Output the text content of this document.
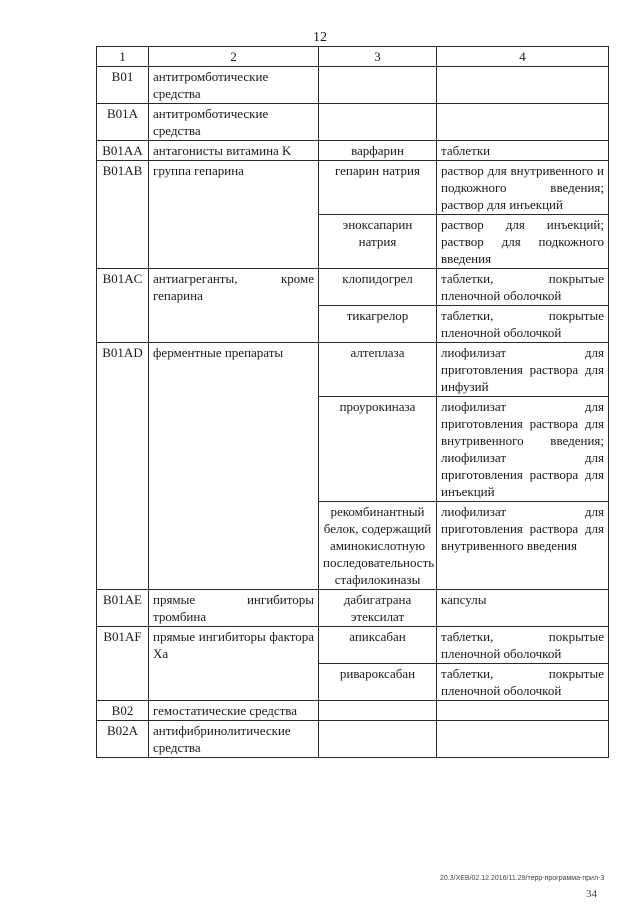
12
1	2	3	4
B01	антитромботические средства		
B01A	антитромботические средства		
B01AA	антагонисты витамина K	варфарин	таблетки
B01AB	группа гепарина	гепарин натрия	раствор для внутривенного и подкожного введения; раствор для инъекций
		эноксапарин натрия	раствор для инъекций; раствор для подкожного введения
B01AC	антиагреганты, кроме гепарина	клопидогрел	таблетки, покрытые пленочной оболочкой
		тикагрелор	таблетки, покрытые пленочной оболочкой
B01AD	ферментные препараты	алтеплаза	лиофилизат для приготовления раствора для инфузий
		проурокиназа	лиофилизат для приготовления раствора для внутривенного введения; лиофилизат для приготовления раствора для инъекций
		рекомбинантный белок, содержащий аминокислотную последовательность стафилокиназы	лиофилизат для приготовления раствора для внутривенного введения
B01AE	прямые ингибиторы тромбина	дабигатрана этексилат	капсулы
B01AF	прямые ингибиторы фактора Xa	апиксабан	таблетки, покрытые пленочной оболочкой
		ривароксабан	таблетки, покрытые пленочной оболочкой
B02	гемостатические средства		
B02A	антифибринолитические средства		
20.3/ХЕВ/02.12.2016/11.29/терр-программа-прил-3
34
